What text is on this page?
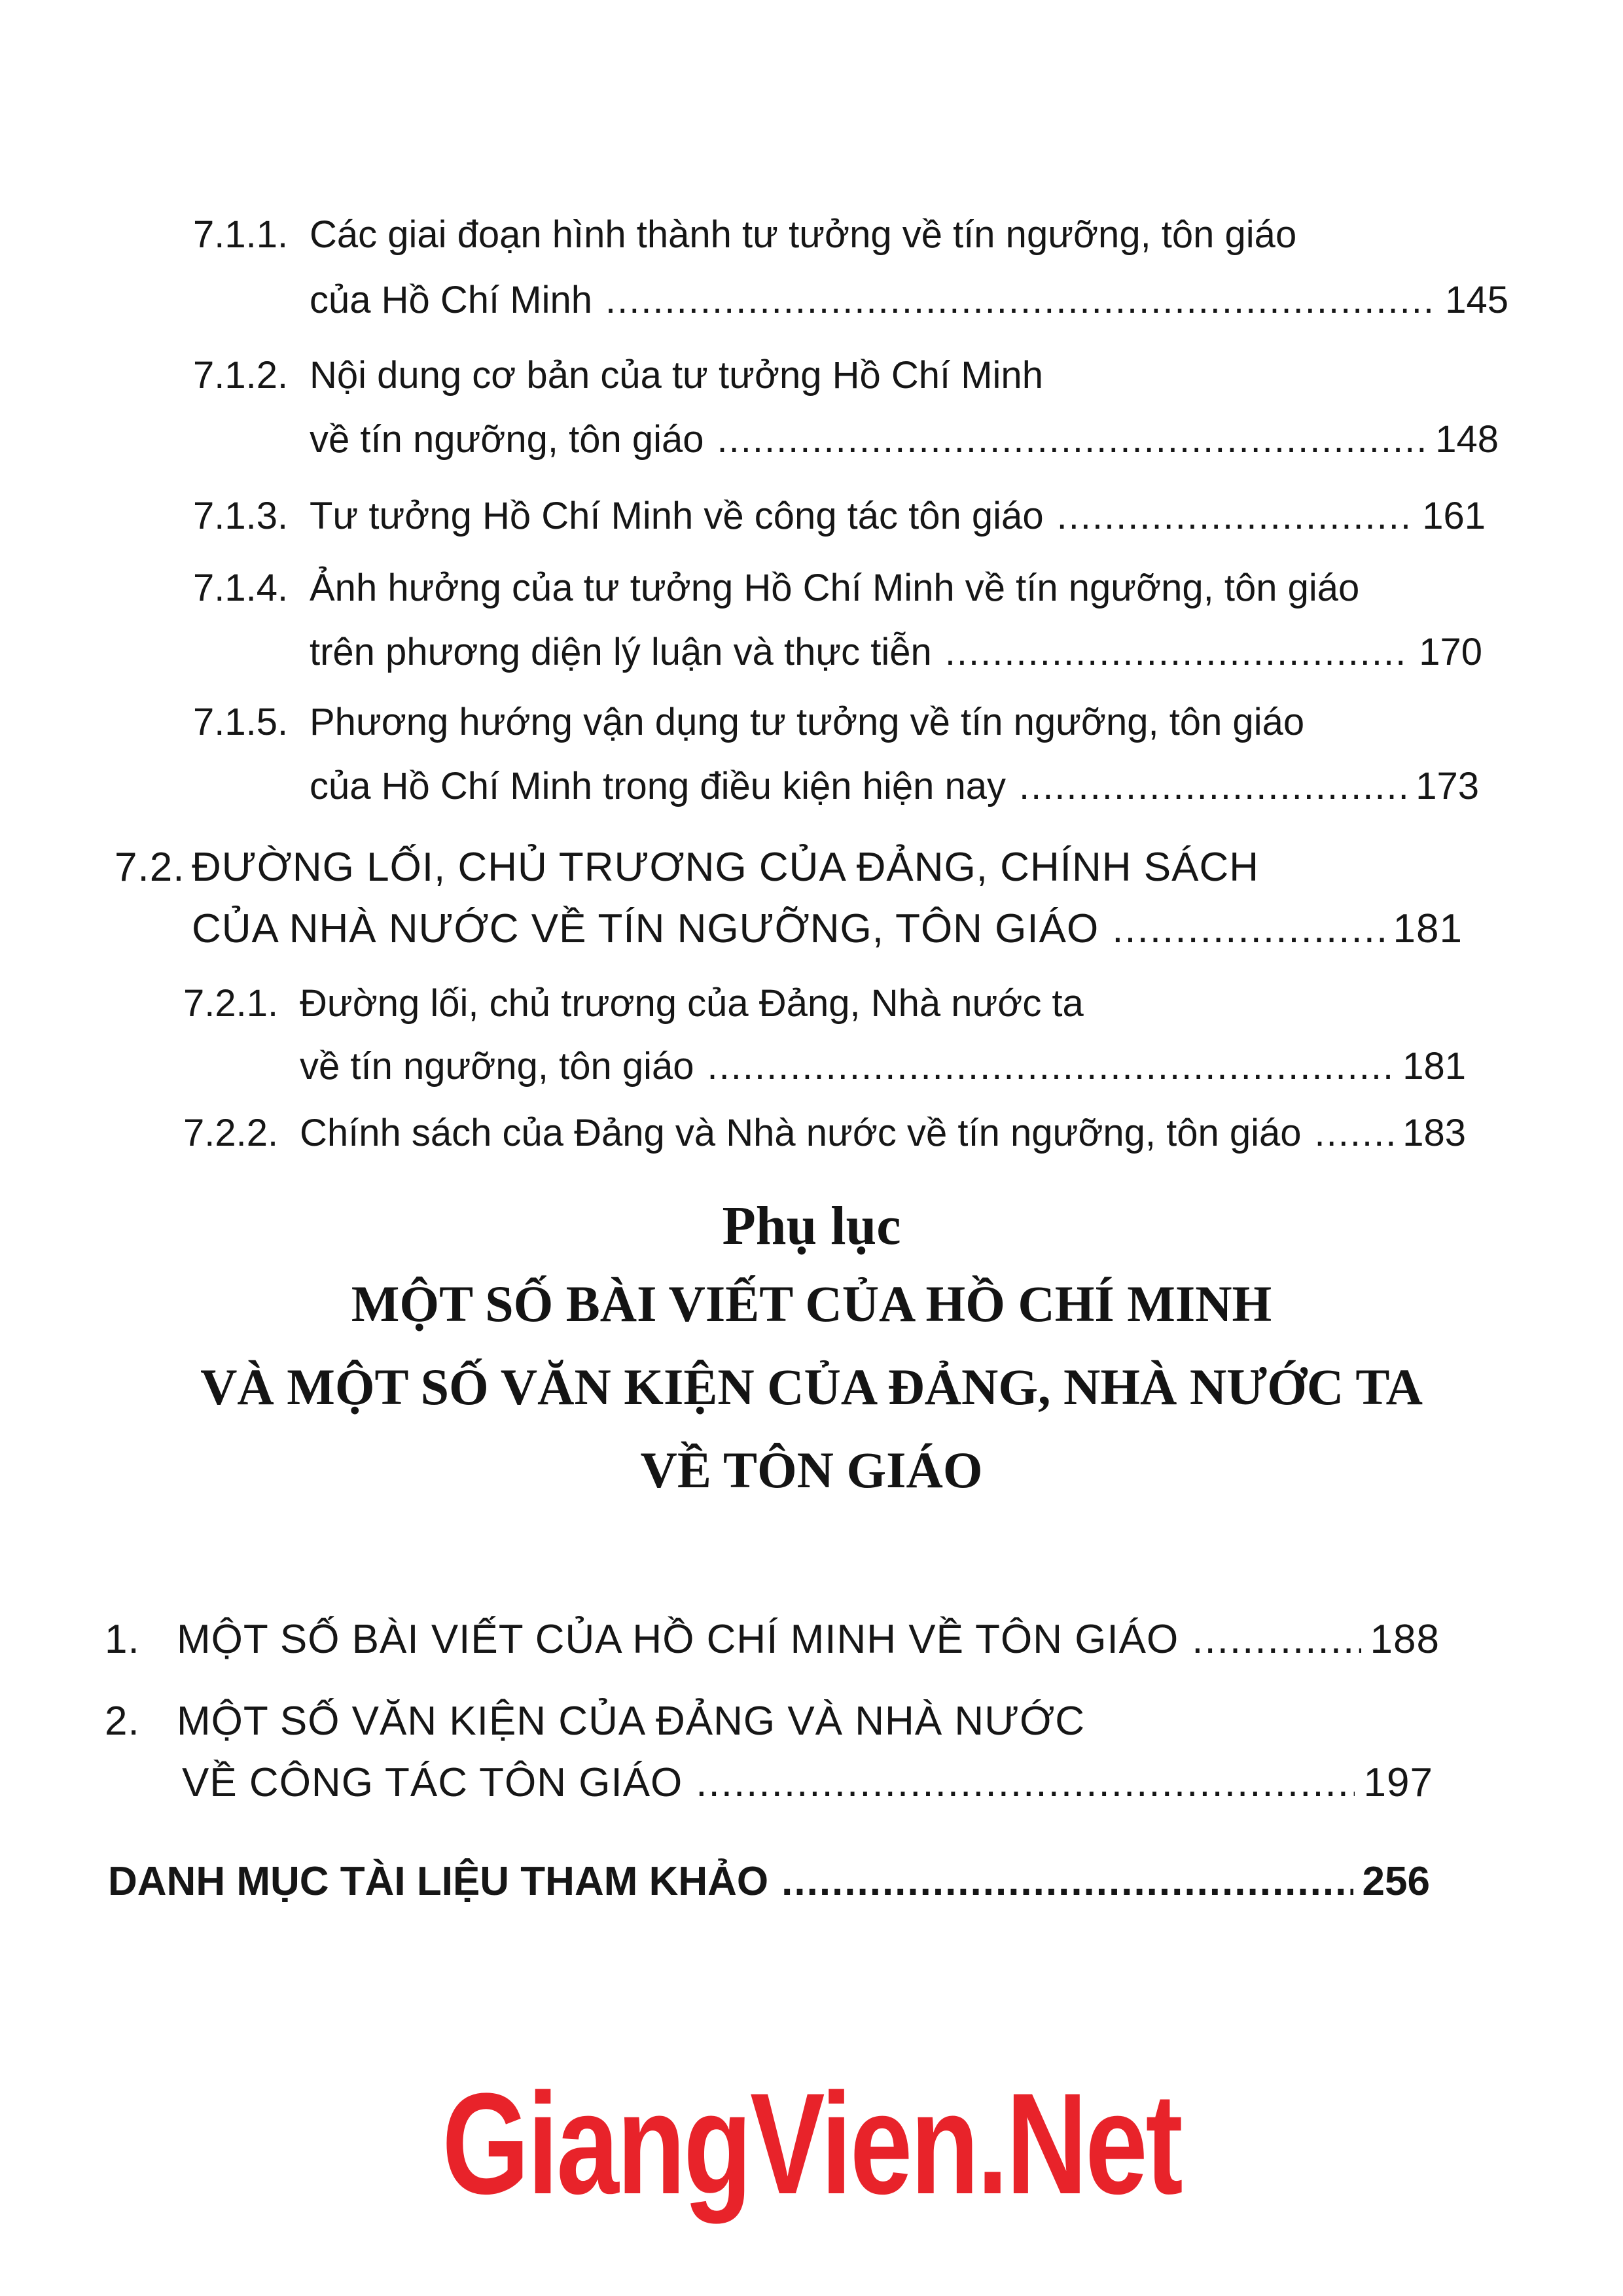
7.1.1. Các giai đoạn hình thành tư tưởng về tín ngưỡng, tôn giáo
của Hồ Chí Minh .....	145
7.1.2. Nội dung cơ bản của tư tưởng Hồ Chí Minh
về tín ngưỡng, tôn giáo .....	148
7.1.3. Tư tưởng Hồ Chí Minh về công tác tôn giáo .....	161
7.1.4. Ảnh hưởng của tư tưởng Hồ Chí Minh về tín ngưỡng, tôn giáo
trên phương diện lý luận và thực tiễn .....	170
7.1.5. Phương hướng vận dụng tư tưởng về tín ngưỡng, tôn giáo
của Hồ Chí Minh trong điều kiện hiện nay .....	173
7.2. ĐƯỜNG LỐI, CHỦ TRƯƠNG CỦA ĐẢNG, CHÍNH SÁCH
CỦA NHÀ NƯỚC VỀ TÍN NGƯỠNG, TÔN GIÁO .....	181
7.2.1. Đường lối, chủ trương của Đảng, Nhà nước ta
về tín ngưỡng, tôn giáo .....	181
7.2.2. Chính sách của Đảng và Nhà nước về tín ngưỡng, tôn giáo .....	183
Phụ lục
MỘT SỐ BÀI VIẾT CỦA HỒ CHÍ MINH
VÀ MỘT SỐ VĂN KIỆN CỦA ĐẢNG, NHÀ NƯỚC TA
VỀ TÔN GIÁO
1. MỘT SỐ BÀI VIẾT CỦA HỒ CHÍ MINH VỀ TÔN GIÁO .....	188
2. MỘT SỐ VĂN KIỆN CỦA ĐẢNG VÀ NHÀ NƯỚC
VỀ CÔNG TÁC TÔN GIÁO .....	197
DANH MỤC TÀI LIỆU THAM KHẢO .....	256
GiangVien.Net
